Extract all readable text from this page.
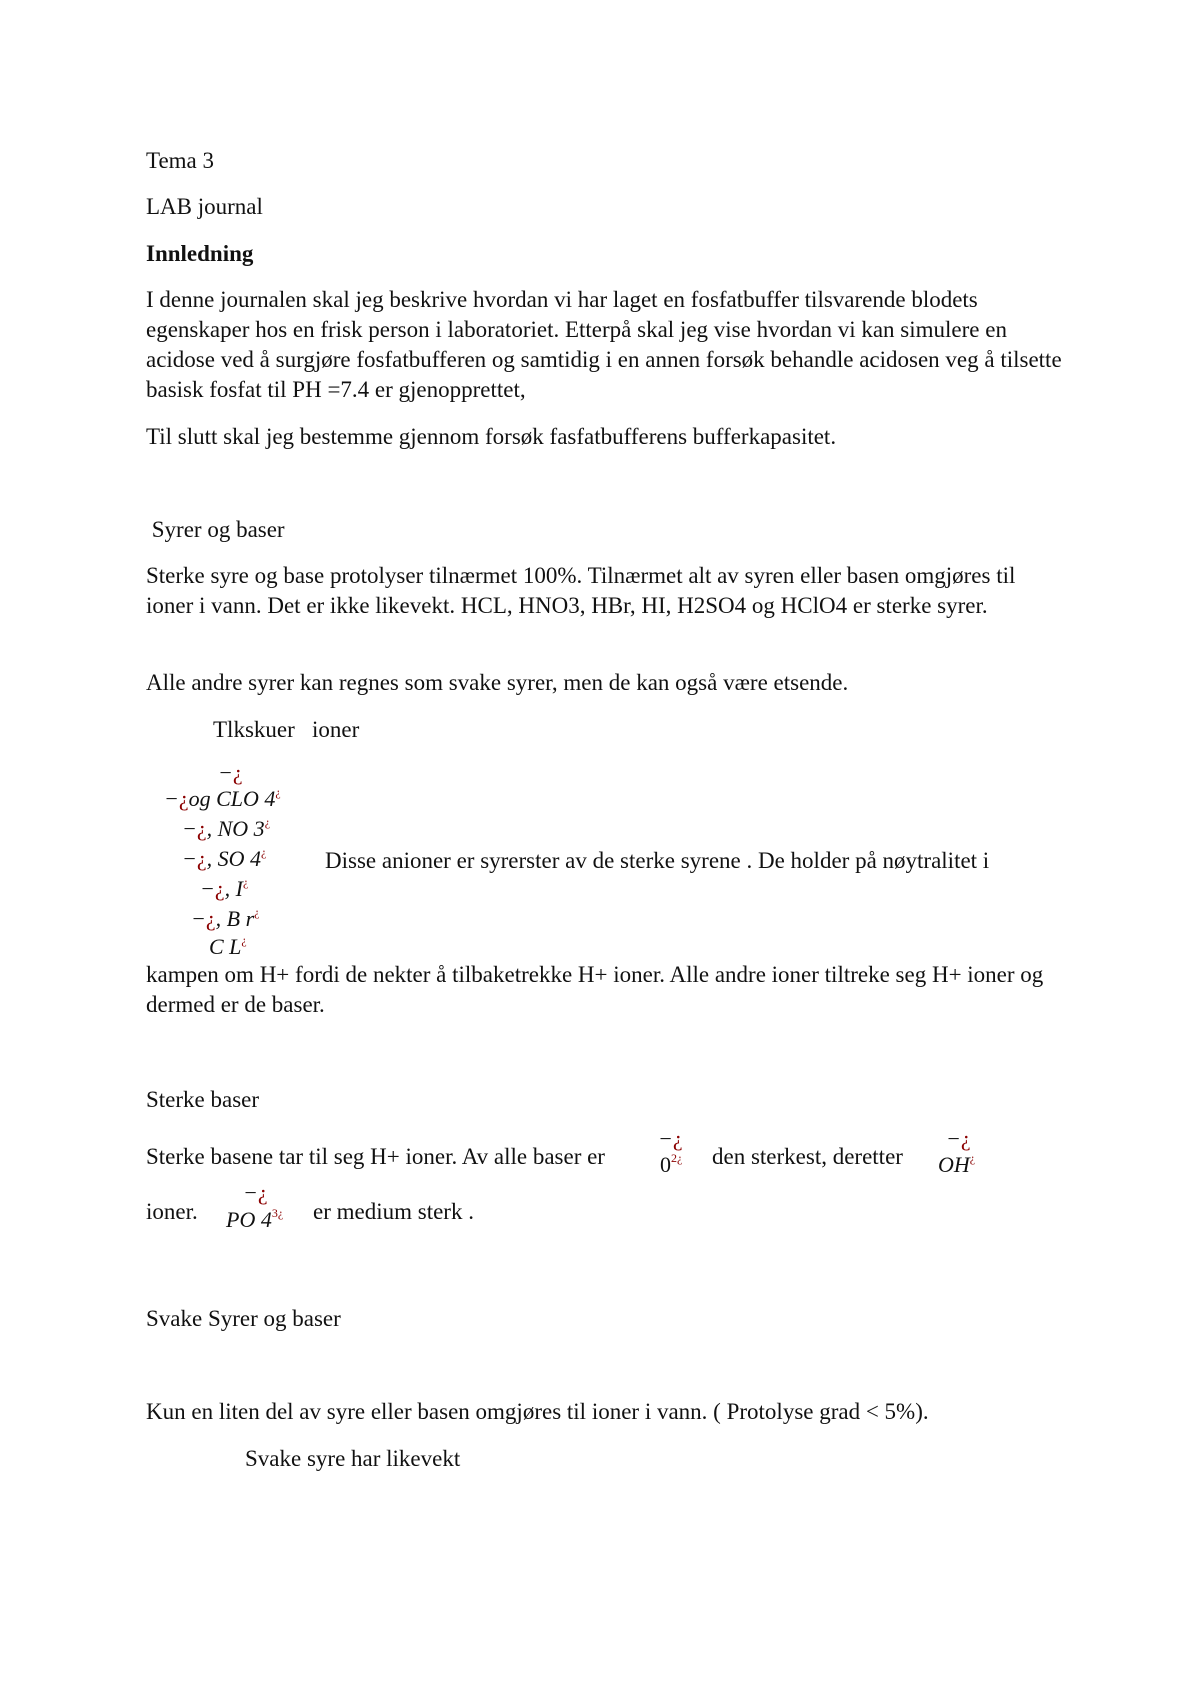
Tema 3
LAB journal
Innledning
I denne journalen skal jeg beskrive hvordan vi har laget en fosfatbuffer tilsvarende blodets egenskaper hos en frisk person i laboratoriet. Etterpå skal jeg vise hvordan vi kan simulere en acidose ved å surgjøre fosfatbufferen og samtidig i en annen forsøk behandle acidosen veg å tilsette basisk fosfat til PH =7.4 er gjenopprettet,
Til slutt skal jeg bestemme gjennom forsøk fasfatbufferens bufferkapasitet.
Syrer og baser
Sterke syre og base protolyser tilnærmet 100%. Tilnærmet alt av syren eller basen omgjøres til ioner i vann. Det er ikke likevekt. HCL, HNO3, HBr, HI, H2SO4 og HClO4 er sterke syrer.
Alle andre syrer kan regnes som svake syrer, men de kan også være etsende.
Tlkskuer   ioner
−¿
−¿og CLO 4¿
−¿, NO 3¿
−¿, SO 4¿
−¿, I¿
−¿, B r¿
C L¿
Disse anioner er syrerster av de sterke syrene . De holder på nøytralitet i
kampen om H+ fordi de nekter å tilbaketrekke H+ ioner. Alle andre ioner tiltreke seg H+ ioner og dermed er de baser.
Sterke baser
Sterke basene tar til seg H+ ioner. Av alle baser er
−¿
$0^{2¿}$ den sterkest, deretter
−¿
OH¿
ioner.
−¿
PO $4^{3¿}$ er medium sterk .
Svake Syrer og baser
Kun en liten del av syre eller basen omgjøres til ioner i vann. ( Protolyse grad < 5%).
Svake syre har likevekt
